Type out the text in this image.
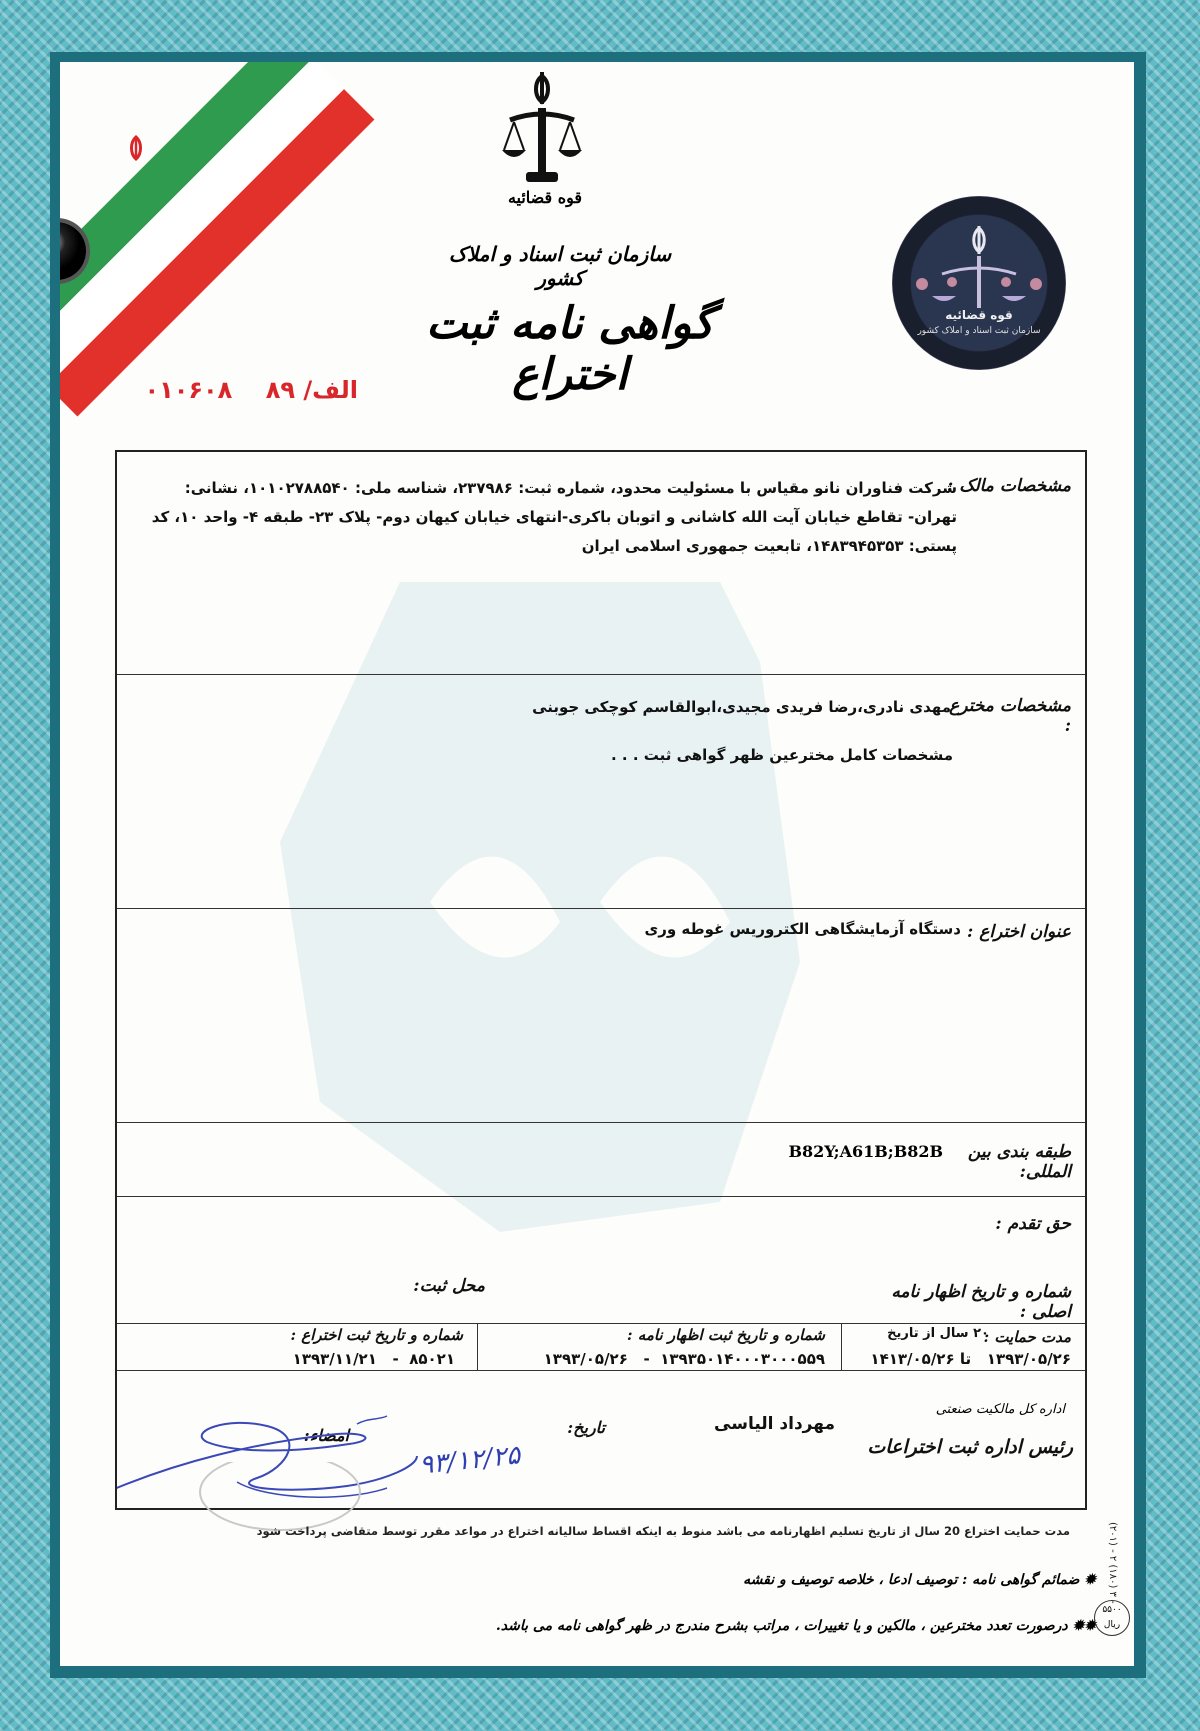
قوه قضائیه
سازمان ثبت اسناد و املاک کشور
گواهی نامه ثبت اختراع
الف/ ۸۹    ۰۱۰۶۰۸
قوه قضائیه
سازمان ثبت اسناد و املاک کشور
مشخصات مالک :
شرکت فناوران نانو مقیاس با مسئولیت محدود، شماره ثبت: ۲۳۷۹۸۶، شناسه ملی: ۱۰۱۰۲۷۸۸۵۴۰، نشانی: تهران- تقاطع خیابان آیت الله کاشانی و اتوبان باکری-انتهای خیابان کیهان دوم- پلاک ۲۳- طبقه ۴- واحد ۱۰، کد پستی: ۱۴۸۳۹۴۵۳۵۳، تابعیت جمهوری اسلامی ایران
مشخصات مخترع :
مهدی نادری،رضا فریدی مجیدی،ابوالقاسم کوچکی جوبنی
مشخصات کامل مخترعین ظهر گواهی ثبت . . .
عنوان اختراع :
دستگاه آزمایشگاهی الکتروریس غوطه وری
طبقه بندی بین المللی:
B82Y;A61B;B82B
حق تقدم :
شماره و تاریخ اظهار نامه اصلی :
محل ثبت:
مدت حمایت :
۲۰ سال از تاریخ
۱۳۹۳/۰۵/۲۶   تا ۱۴۱۳/۰۵/۲۶
شماره و تاریخ ثبت اظهار نامه :
۱۳۹۳۵۰۱۴۰۰۰۳۰۰۰۵۵۹  -   ۱۳۹۳/۰۵/۲۶
شماره و تاریخ ثبت اختراع :
۸۵۰۲۱  -   ۱۳۹۳/۱۱/۲۱
اداره کل مالکیت صنعتی
رئیس اداره ثبت اختراعات
مهرداد الیاسی
تاریخ:
امضاء:
۹۳/۱۲/۲۵
مدت حمایت اختراع 20 سال از تاریخ تسلیم اظهارنامه می باشد منوط به اینکه اقساط سالیانه اختراع در مواعد مقرر توسط متقاضی پرداخت شود
✹ ضمائم گواهی نامه : توصیف ادعا ، خلاصه توصیف و نقشه
✹✹ درصورت تعدد مخترعین ، مالکین و یا تغییرات ، مراتب بشرح مندرج در ظهر گواهی نامه می باشد.
(۲۰۱) - ۲ (۱۸۰) ۳ -
۵۵۰۰ ریال
